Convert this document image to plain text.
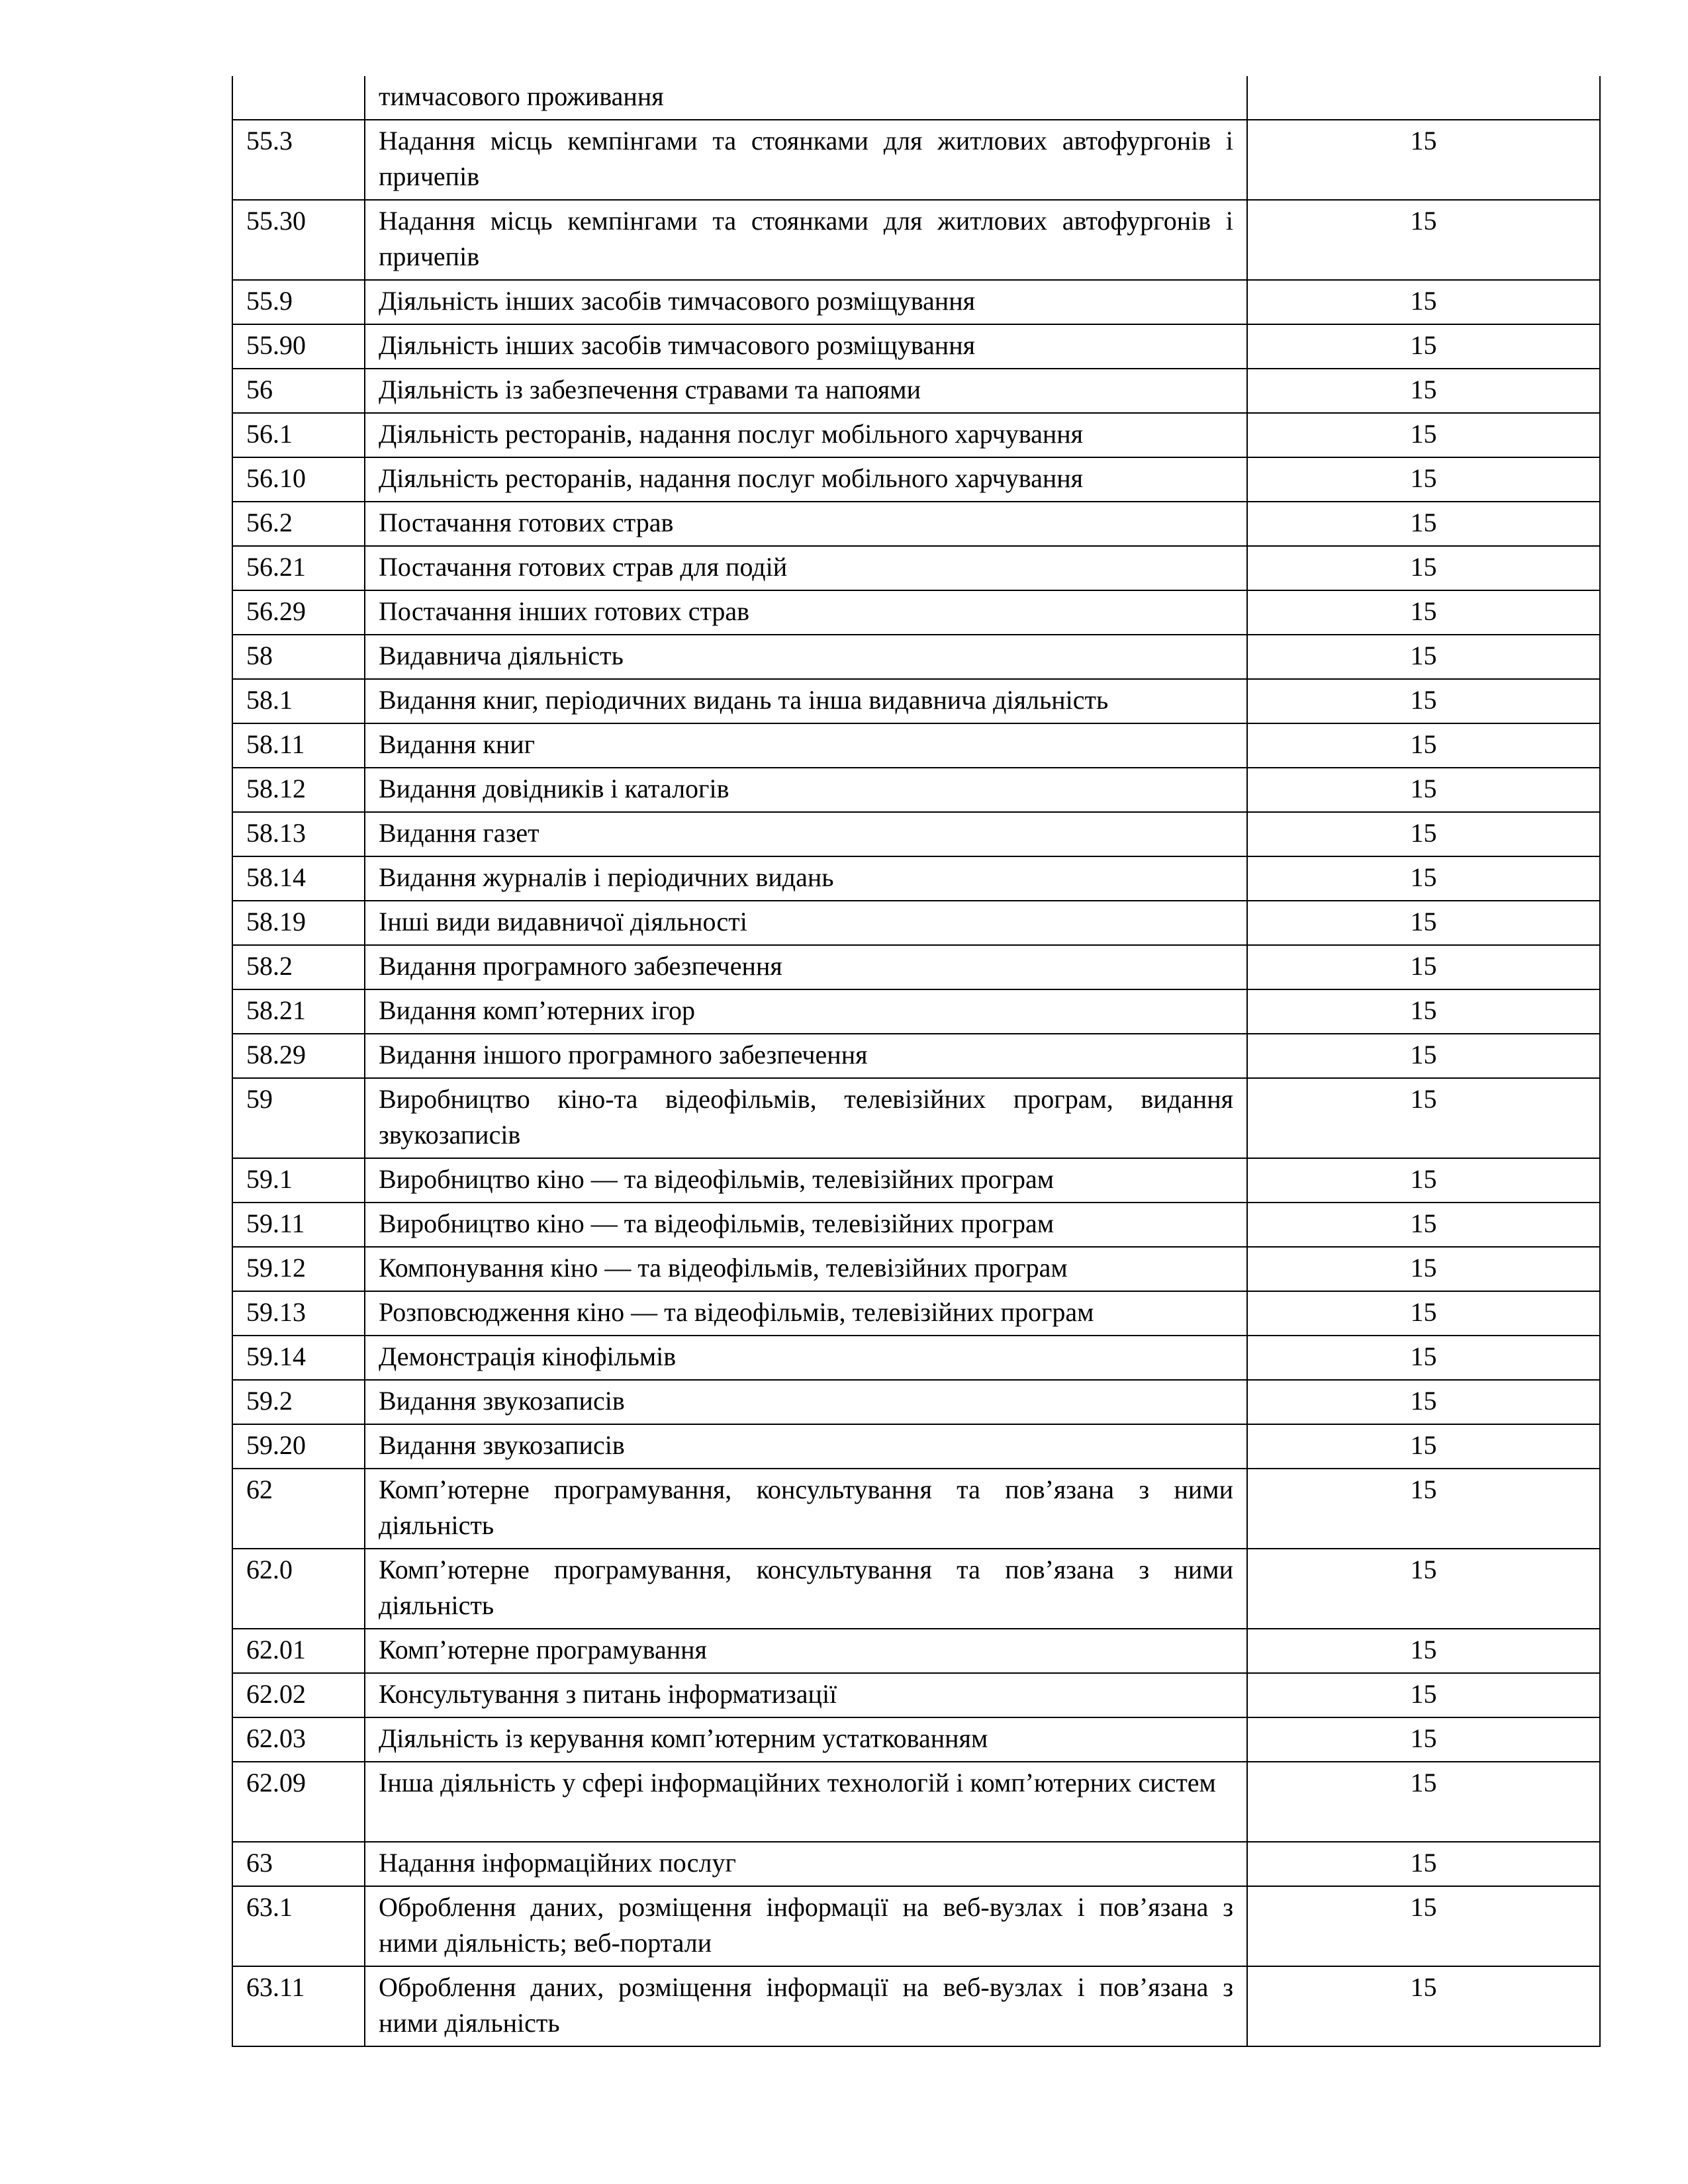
	тимчасового проживання	
55.3	Надання місць кемпінгами та стоянками для житлових автофургонів і причепів	15
55.30	Надання місць кемпінгами та стоянками для житлових автофургонів і причепів	15
55.9	Діяльність інших засобів тимчасового розміщування	15
55.90	Діяльність інших засобів тимчасового розміщування	15
56	Діяльність із забезпечення стравами та напоями	15
56.1	Діяльність ресторанів, надання послуг мобільного харчування	15
56.10	Діяльність ресторанів, надання послуг мобільного харчування	15
56.2	Постачання готових страв	15
56.21	Постачання готових страв для подій	15
56.29	Постачання інших готових страв	15
58	Видавнича діяльність	15
58.1	Видання книг, періодичних видань та інша видавнича діяльність	15
58.11	Видання книг	15
58.12	Видання довідників і каталогів	15
58.13	Видання газет	15
58.14	Видання журналів і періодичних видань	15
58.19	Інші види видавничої діяльності	15
58.2	Видання програмного забезпечення	15
58.21	Видання комп’ютерних ігор	15
58.29	Видання іншого програмного забезпечення	15
59	Виробництво кіно-та відеофільмів, телевізійних програм, видання звукозаписів	15
59.1	Виробництво кіно — та відеофільмів, телевізійних програм	15
59.11	Виробництво кіно — та відеофільмів, телевізійних програм	15
59.12	Компонування кіно — та відеофільмів, телевізійних програм	15
59.13	Розповсюдження кіно — та відеофільмів, телевізійних програм	15
59.14	Демонстрація кінофільмів	15
59.2	Видання звукозаписів	15
59.20	Видання звукозаписів	15
62	Комп’ютерне програмування, консультування та пов’язана з ними діяльність	15
62.0	Комп’ютерне програмування, консультування та пов’язана з ними діяльність	15
62.01	Комп’ютерне програмування	15
62.02	Консультування з питань інформатизації	15
62.03	Діяльність із керування комп’ютерним устаткованням	15
62.09	Інша діяльність у сфері інформаційних технологій і комп’ютерних систем	15
63	Надання інформаційних послуг	15
63.1	Оброблення даних, розміщення інформації на веб-вузлах і пов’язана з ними діяльність; веб-портали	15
63.11	Оброблення даних, розміщення інформації на веб-вузлах і пов’язана з ними діяльність	15
